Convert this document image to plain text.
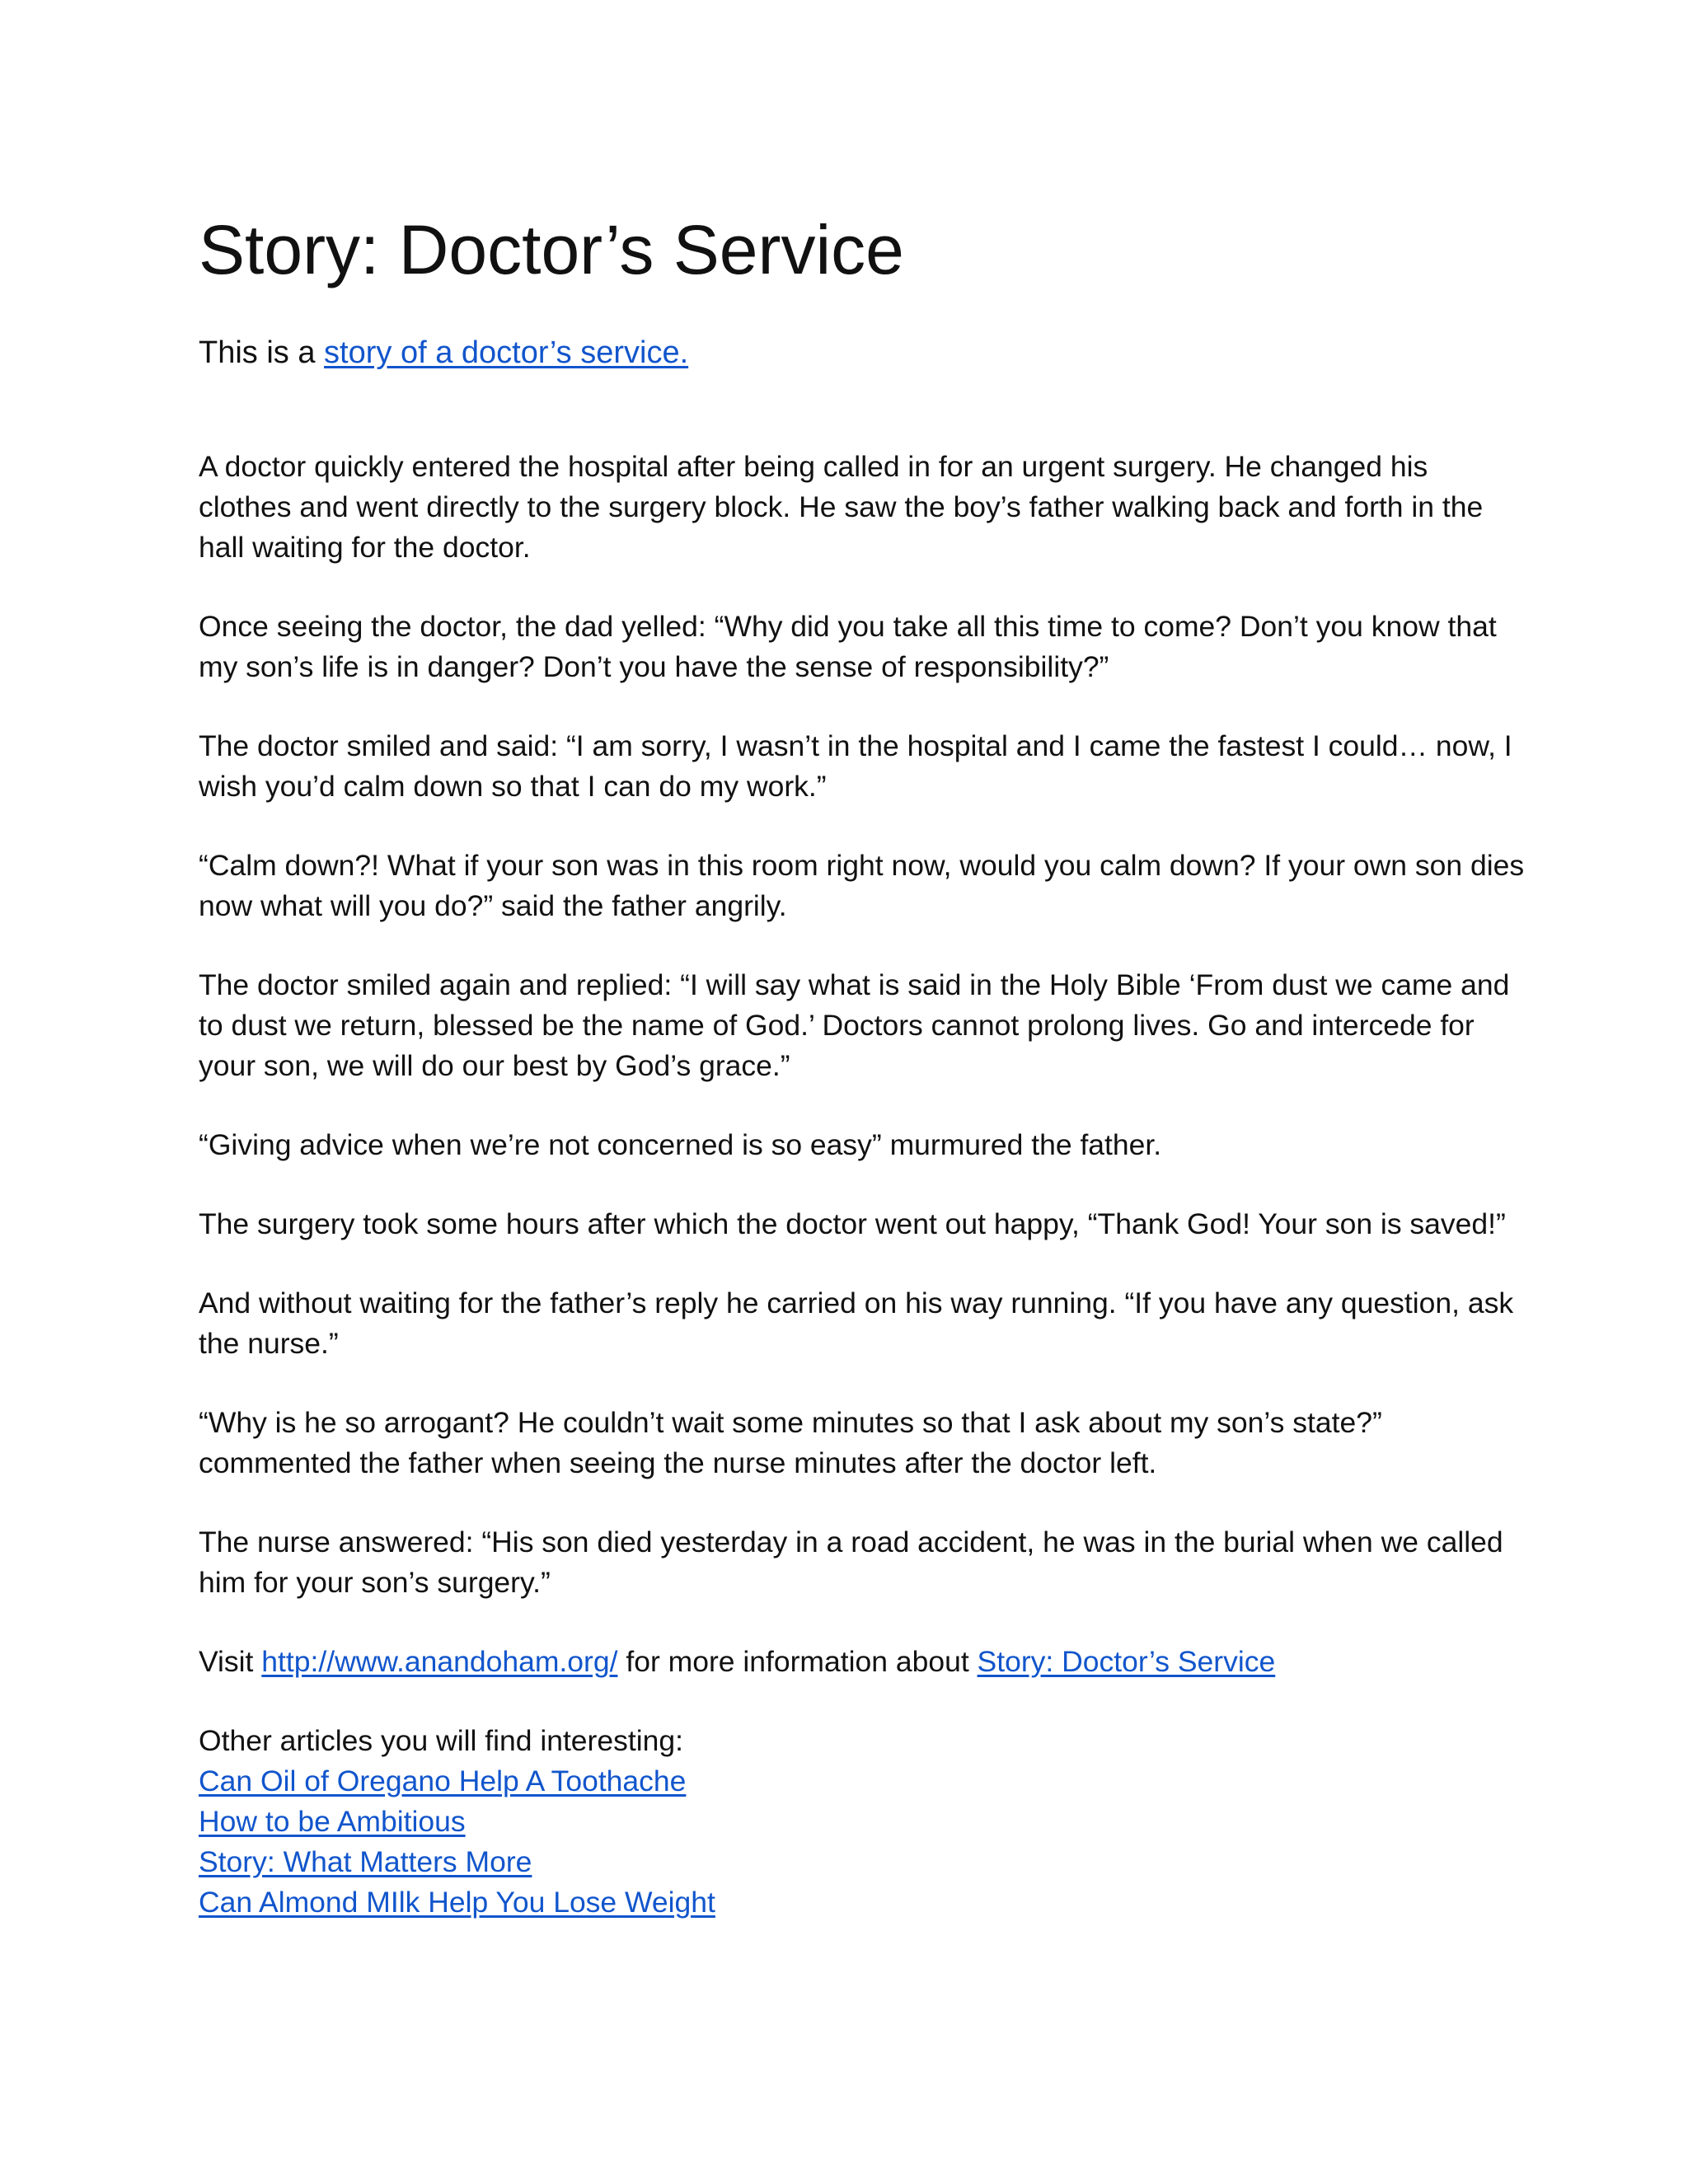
Story: Doctor’s Service

This is a story of a doctor’s service.

A doctor quickly entered the hospital after being called in for an urgent surgery. He changed his clothes and went directly to the surgery block. He saw the boy’s father walking back and forth in the hall waiting for the doctor.

Once seeing the doctor, the dad yelled: “Why did you take all this time to come? Don’t you know that my son’s life is in danger? Don’t you have the sense of responsibility?”

The doctor smiled and said: “I am sorry, I wasn’t in the hospital and I came the fastest I could… now, I wish you’d calm down so that I can do my work.”

“Calm down?! What if your son was in this room right now, would you calm down? If your own son dies now what will you do?” said the father angrily.

The doctor smiled again and replied: “I will say what is said in the Holy Bible ‘From dust we came and to dust we return, blessed be the name of God.’ Doctors cannot prolong lives. Go and intercede for your son, we will do our best by God’s grace.”

“Giving advice when we’re not concerned is so easy” murmured the father.

The surgery took some hours after which the doctor went out happy, “Thank God! Your son is saved!”

And without waiting for the father’s reply he carried on his way running. “If you have any question, ask the nurse.”

“Why is he so arrogant? He couldn’t wait some minutes so that I ask about my son’s state?” commented the father when seeing the nurse minutes after the doctor left.

The nurse answered: “His son died yesterday in a road accident, he was in the burial when we called him for your son’s surgery.”

Visit http://www.anandoham.org/ for more information about Story: Doctor’s Service

Other articles you will find interesting:

Can Oil of Oregano Help A Toothache
How to be Ambitious
Story: What Matters More
Can Almond MIlk Help You Lose Weight
